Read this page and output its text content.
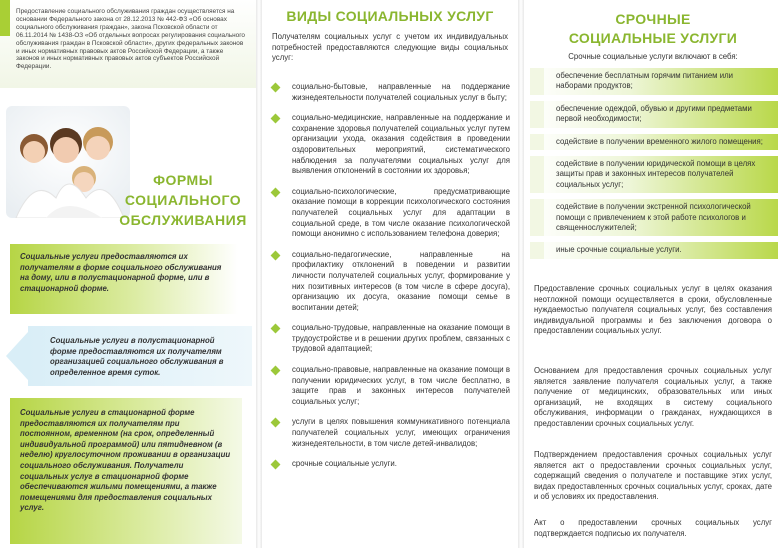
Предоставление социального обслуживания граждан осуществляется на основании Федерального закона от 28.12.2013 № 442-ФЗ «Об основах социального обслуживания граждан», закона Псковской области от 06.11.2014 № 1438-ОЗ «Об отдельных вопросах регулирования социального обслуживания граждан в Псковской области», других федеральных законов и иных нормативных правовых актов Российской Федерации, а также законов и иных нормативных правовых актов субъектов Российской Федерации.
ФОРМЫ
СОЦИАЛЬНОГО
ОБСЛУЖИВАНИЯ
Социальные услуги предоставляются их получателям в форме социального обслуживания на дому, или в полустационарной форме, или в стационарной форме.
Социальные услуги в полустационарной форме предоставляются их получателям организацией социального обслуживания в определенное время суток.
Социальные услуги в стационарной форме предоставляются их получателям при постоянном, временном (на срок, определенный индивидуальной программой) или пятидневном (в неделю) круглосуточном проживании в организации социального обслуживания. Получатели социальных услуг в стационарной форме обеспечиваются жилыми помещениями, а также помещениями для предоставления социальных услуг.
ВИДЫ СОЦИАЛЬНЫХ УСЛУГ
Получателям социальных услуг с учетом их индивидуальных потребностей предоставляются следующие виды социальных услуг:
социально-бытовые, направленные на поддержание жизнедеятельности получателей социальных услуг в быту;
социально-медицинские, направленные на поддержание и сохранение здоровья получателей социальных услуг путем организации ухода, оказания содействия в проведении оздоровительных мероприятий, систематического наблюдения за получателями социальных услуг для выявления отклонений в состоянии их здоровья;
социально-психологические, предусматривающие оказание помощи в коррекции психологического состояния получателей социальных услуг для адаптации в социальной среде, в том числе оказание психологической помощи анонимно с использованием телефона доверия;
социально-педагогические, направленные на профилактику отклонений в поведении и развитии личности получателей социальных услуг, формирование у них позитивных интересов (в том числе в сфере досуга), организацию их досуга, оказание помощи семье в воспитании детей;
социально-трудовые, направленные на оказание помощи в трудоустройстве и в решении других проблем, связанных с трудовой адаптацией;
социально-правовые, направленные на оказание помощи в получении юридических услуг, в том числе бесплатно, в защите прав и законных интересов получателей социальных услуг;
услуги в целях повышения коммуникативного потенциала получателей социальных услуг, имеющих ограничения жизнедеятельности, в том числе детей-инвалидов;
срочные социальные услуги.
СРОЧНЫЕ
СОЦИАЛЬНЫЕ УСЛУГИ
Срочные социальные услуги включают в себя:
обеспечение бесплатным горячим питанием или наборами продуктов;
обеспечение одеждой, обувью и другими предметами первой необходимости;
содействие в получении временного жилого помещения;
содействие в получении юридической помощи в целях защиты прав и законных интересов получателей социальных услуг;
содействие в получении экстренной психологической помощи с привлечением к этой работе психологов и священнослужителей;
иные срочные социальные услуги.

Предоставление срочных социальных услуг в целях оказания неотложной помощи осуществляется в сроки, обусловленные нуждаемостью получателя социальных услуг, без составления индивидуальной программы и без заключения договора о предоставлении социальных услуг.

Основанием для предоставления срочных социальных услуг является заявление получателя социальных услуг, а также получение от медицинских, образовательных или иных организаций, не входящих в систему социального обслуживания, информации о гражданах, нуждающихся в предоставлении срочных социальных услуг.

Подтверждением предоставления срочных социальных услуг является акт о предоставлении срочных социальных услуг, содержащий сведения о получателе и поставщике этих услуг, видах предоставленных срочных социальных услуг, сроках, дате и об условиях их предоставления.

Акт о предоставлении срочных социальных услуг подтверждается подписью их получателя.
